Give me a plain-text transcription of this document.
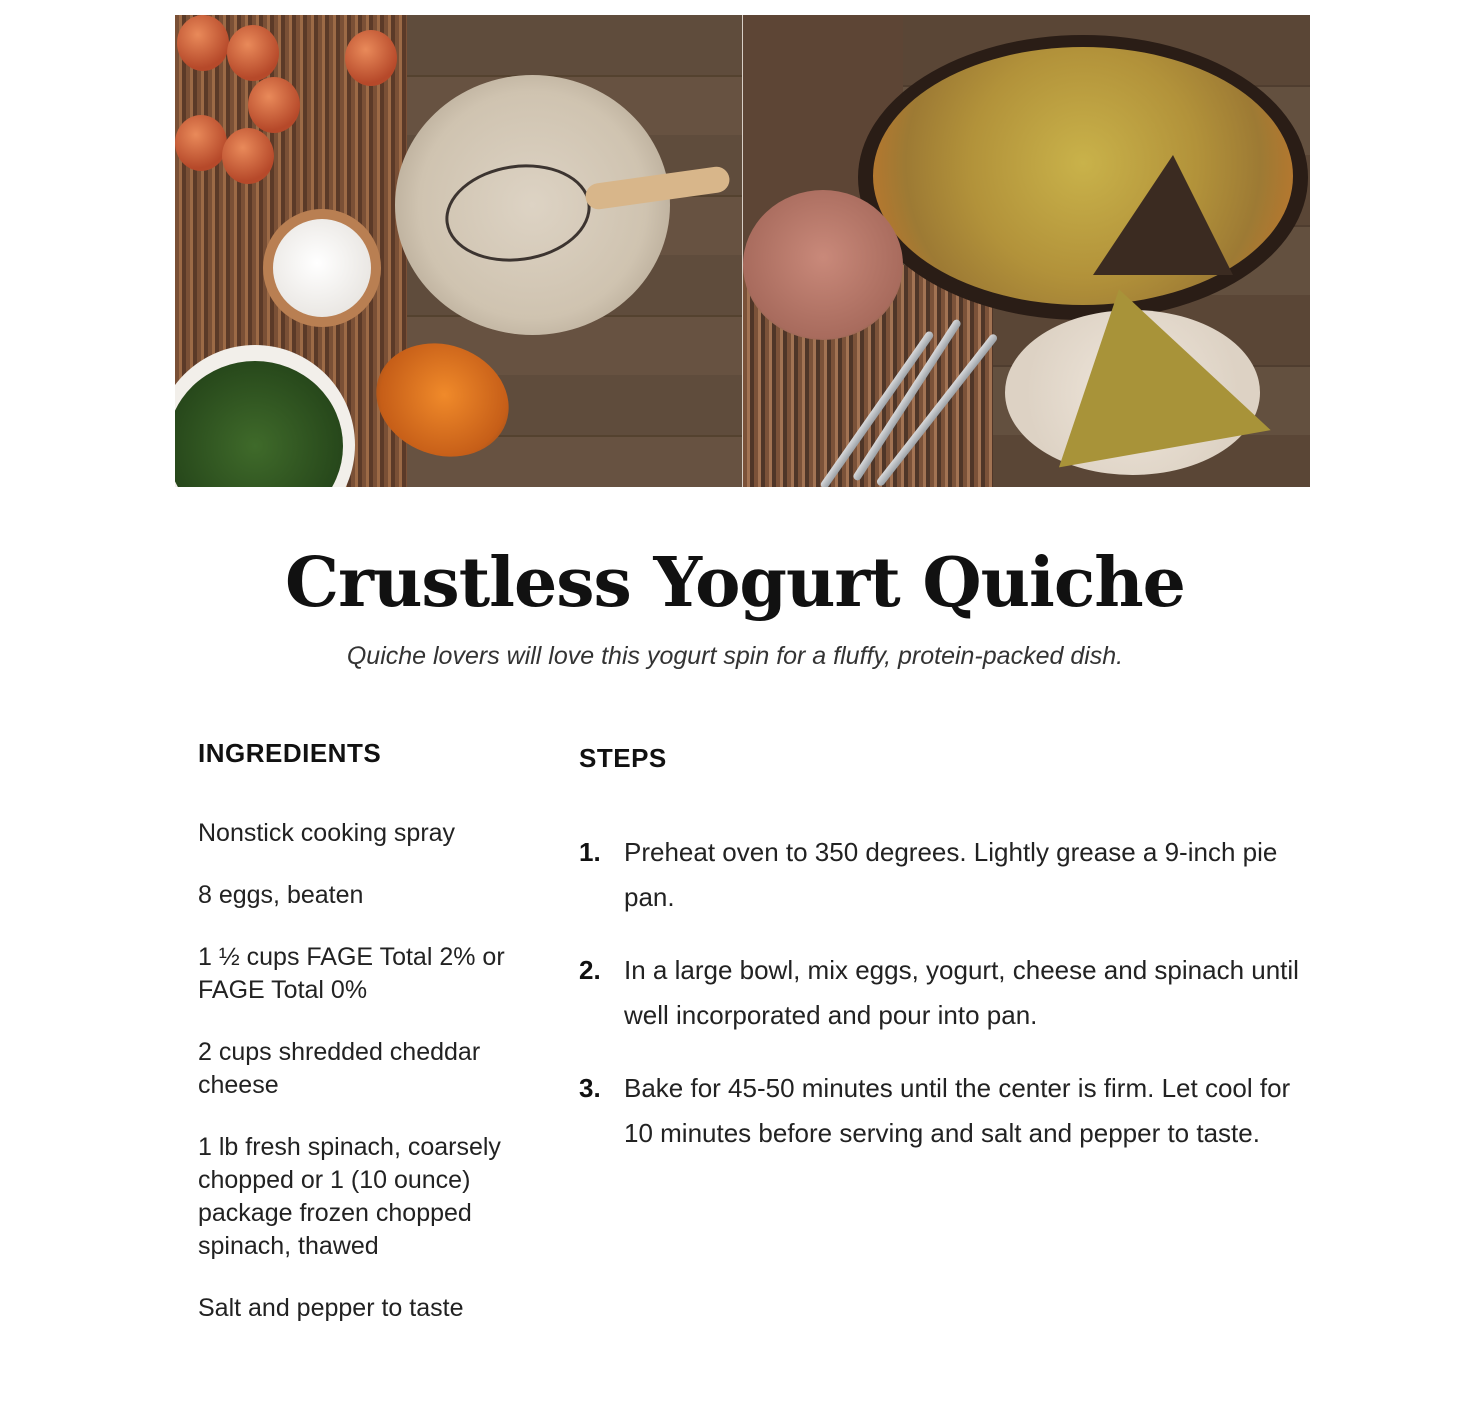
Crustless Yogurt Quiche
Quiche lovers will love this yogurt spin for a fluffy, protein-packed dish.
INGREDIENTS	STEPS
Nonstick cooking spray
8 eggs, beaten
1 ½ cups FAGE Total 2% or FAGE Total 0%
2 cups shredded cheddar cheese
1 lb fresh spinach, coarsely chopped or 1 (10 ounce) package frozen chopped spinach, thawed
Salt and pepper to taste
1. Preheat oven to 350 degrees. Lightly grease a 9-inch pie pan.
2. In a large bowl, mix eggs, yogurt, cheese and spinach until well incorporated and pour into pan.
3. Bake for 45-50 minutes until the center is firm. Let cool for 10 minutes before serving and salt and pepper to taste.
